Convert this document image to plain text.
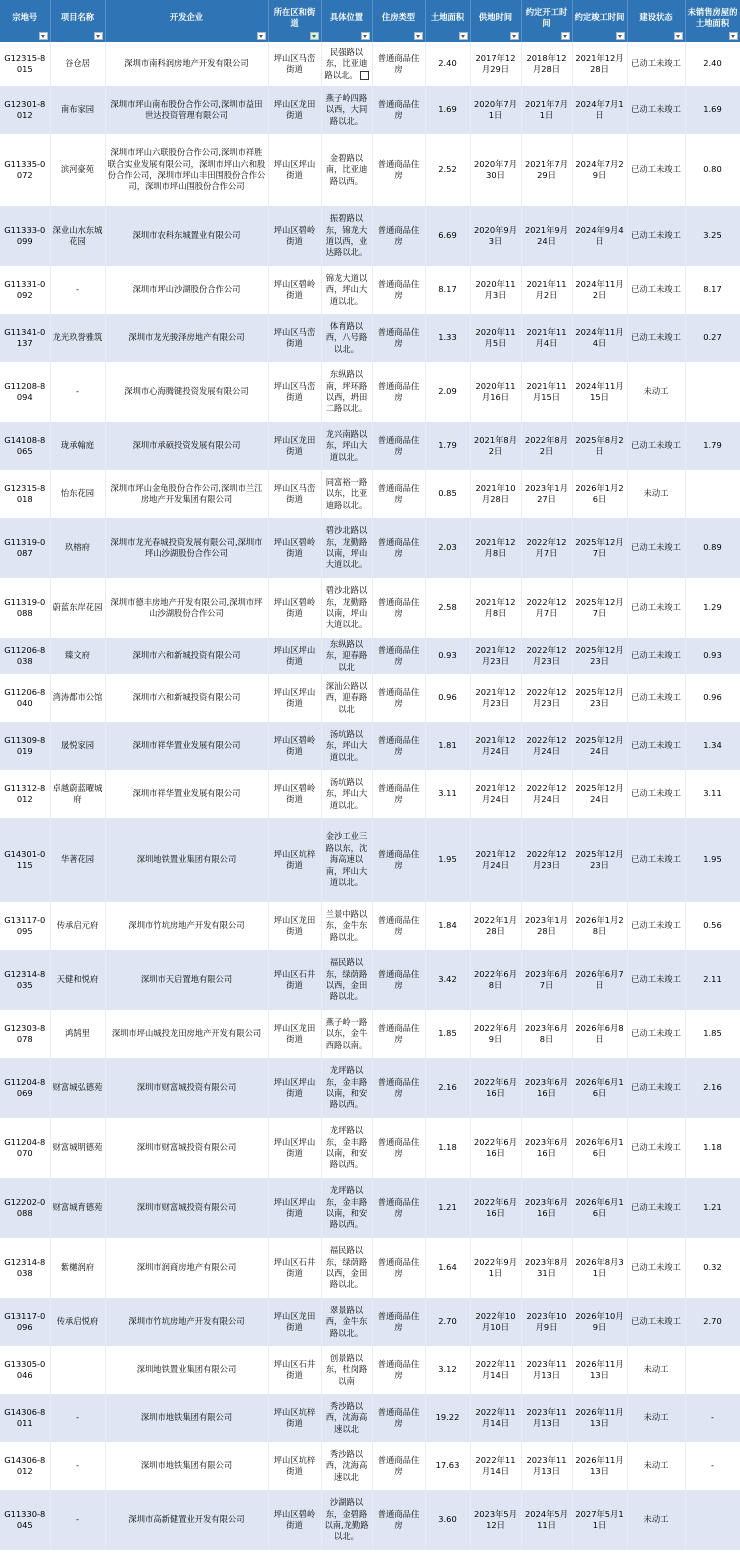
宗地号	项目名称	开发企业	所在区和街道	具体位置	住房类型	土地面积	供地时间	约定开工时间	约定竣工时间	建设状态	未销售房屋的土地面积

G12315-8015	谷仓居	深圳市南科润房地产开发有限公司	坪山区马峦街道	民强路以东，比亚迪路以北。	普通商品住房	2.40	2017年12月29日	2018年12月28日	2021年12月28日	已动工未竣工	2.40
G12301-8012	南布家园	深圳市坪山南布股份合作公司,深圳市益田世达投资管理有限公司	坪山区龙田街道	燕子岭四路以西，大同路以北。	普通商品住房	1.69	2020年7月1日	2021年7月1日	2024年7月1日	已动工未竣工	1.69
G11335-0072	滨河豪苑	深圳市坪山六联股份合作公司,深圳市祥胜联合实业发展有限公司，深圳市坪山六和股份合作公司，深圳市坪山丰田围股份合作公司，深圳市坪山围股份合作公司	坪山区坪山街道	金碧路以南，比亚迪路以西。	普通商品住房	2.52	2020年7月30日	2021年7月29日	2024年7月29日	已动工未竣工	0.80
G11333-0099	深业山水东城花园	深圳市农科东城置业有限公司	坪山区碧岭街道	振碧路以东，锦龙大道以西，业达路以北。	普通商品住房	6.69	2020年9月3日	2021年9月24日	2024年9月4日	已动工未竣工	3.25
G11331-0092	-	深圳市坪山沙湖股份合作公司	坪山区碧岭街道	锦龙大道以西，坪山大道以北。	普通商品住房	8.17	2020年11月3日	2021年11月2日	2024年11月2日	已动工未竣工	8.17
G11341-0137	龙光玖誉雅筑	深圳市龙光骏泽房地产有限公司	坪山区马峦街道	体育路以西，八号路以北。	普通商品住房	1.33	2020年11月5日	2021年11月4日	2024年11月4日	已动工未竣工	0.27
G11208-8094	-	深圳市心海腾键投资发展有限公司	坪山区马峦街道	东纵路以南，坪环路以西，坍田二路以北。	普通商品住房	2.09	2020年11月16日	2021年11月15日	2024年11月15日	未动工	
G14108-8065	珑承翰庭	深圳市承硕投资发展有限公司	坪山区龙田街道	龙兴南路以东，坪山大道以北。	普通商品住房	1.79	2021年8月2日	2022年8月2日	2025年8月2日	已动工未竣工	1.79
G12315-8018	怡东花园	深圳市坪山金龟股份合作公司,深圳市兰江房地产开发集团有限公司	坪山区马峦街道	同富裕一路以东，比亚迪路以北。	普通商品住房	0.85	2021年10月28日	2023年1月27日	2026年1月26日	未动工	
G11319-0087	玖榕府	深圳市龙光春城投资发展有限公司,深圳市坪山沙湖股份合作公司	坪山区碧岭街道	碧沙北路以东，龙勤路以南，坪山大道以北。	普通商品住房	2.03	2021年12月8日	2022年12月7日	2025年12月7日	已动工未竣工	0.89
G11319-0088	蔚蓝东岸花园	深圳市德丰房地产开发有限公司,深圳市坪山沙湖股份合作公司	坪山区碧岭街道	碧沙北路以东，龙勤路以南，坪山大道以北。	普通商品住房	2.58	2021年12月8日	2022年12月7日	2025年12月7日	已动工未竣工	1.29
G11206-8038	臻文府	深圳市六和新城投资有限公司	坪山区坪山街道	东纵路以东，迎春路以北	普通商品住房	0.93	2021年12月23日	2022年12月23日	2025年12月23日	已动工未竣工	0.93
G11206-8040	湾涛都市公馆	深圳市六和新城投资有限公司	坪山区坪山街道	深汕公路以西，迎春路以北	普通商品住房	0.96	2021年12月23日	2022年12月23日	2025年12月23日	已动工未竣工	0.96
G11309-8019	晟悦家园	深圳市祥华置业发展有限公司	坪山区碧岭街道	汤坑路以东，坪山大道以北。	普通商品住房	1.81	2021年12月24日	2022年12月24日	2025年12月24日	已动工未竣工	1.34
G11312-8012	卓越蔚蓝曜城府	深圳市祥华置业发展有限公司	坪山区碧岭街道	汤坑路以东，坪山大道以北。	普通商品住房	3.11	2021年12月24日	2022年12月24日	2025年12月24日	已动工未竣工	3.11
G14301-0115	华著花园	深圳地铁置业集团有限公司	坪山区坑梓街道	金沙工业三路以东，沈海高速以南，坪山大道以北。	普通商品住房	1.95	2021年12月24日	2022年12月23日	2025年12月23日	已动工未竣工	1.95
G13117-0095	传承启元府	深圳市竹坑房地产开发有限公司	坪山区龙田街道	兰景中路以东，金牛东路以北。	普通商品住房	1.84	2022年1月28日	2023年1月28日	2026年1月28日	已动工未竣工	0.56
G12314-8035	天健和悦府	深圳市天启置地有限公司	坪山区石井街道	福民路以东，绿荫路以西，金田路以北。	普通商品住房	3.42	2022年6月8日	2023年6月7日	2026年6月7日	已动工未竣工	2.11
G12303-8078	鸿鹄里	深圳市坪山城投龙田房地产开发有限公司	坪山区龙田街道	燕子岭一路以东，金牛西路以南。	普通商品住房	1.85	2022年6月9日	2023年6月8日	2026年6月8日	已动工未竣工	1.85
G11204-8069	财富城弘德苑	深圳市财富城投资有限公司	坪山区坪山街道	龙坪路以东，金丰路以南，和安路以西。	普通商品住房	2.16	2022年6月16日	2023年6月16日	2026年6月16日	已动工未竣工	2.16
G11204-8070	财富城明德苑	深圳市财富城投资有限公司	坪山区坪山街道	龙坪路以东，金丰路以南，和安路以西。	普通商品住房	1.18	2022年6月16日	2023年6月16日	2026年6月16日	已动工未竣工	1.18
G12202-0088	财富城育德苑	深圳市财富城投资有限公司	坪山区坪山街道	龙坪路以东，金丰路以南，和安路以西。	普通商品住房	1.21	2022年6月16日	2023年6月16日	2026年6月16日	已动工未竣工	1.21
G12314-8038	紫樾润府	深圳市润商房地产有限公司	坪山区石井街道	福民路以东，绿荫路以西，金田路以北。	普通商品住房	1.64	2022年9月1日	2023年8月31日	2026年8月31日	已动工未竣工	0.32
G13117-0096	传承启悦府	深圳市竹坑房地产开发有限公司	坪山区龙田街道	翠景路以西，金牛东路以北。	普通商品住房	2.70	2022年10月10日	2023年10月9日	2026年10月9日	已动工未竣工	2.70
G13305-0046		深圳地铁置业集团有限公司	坪山区石井街道	创景路以东，杜岗路以南	普通商品住房	3.12	2022年11月14日	2023年11月13日	2026年11月13日	未动工	
G14306-8011	-	深圳市地铁集团有限公司	坪山区坑梓街道	秀沙路以西，沈海高速以北	普通商品住房	19.22	2022年11月14日	2023年11月13日	2026年11月13日	未动工	-
G14306-8012	-	深圳市地铁集团有限公司	坪山区坑梓街道	秀沙路以西，沈海高速以北	普通商品住房	17.63	2022年11月14日	2023年11月13日	2026年11月13日	未动工	-
G11330-8045	-	深圳市高新健置业开发有限公司	坪山区碧岭街道	沙湖路以东，金碧路以南,龙勤路以北。	普通商品住房	3.60	2023年5月12日	2024年5月11日	2027年5月11日	未动工	
